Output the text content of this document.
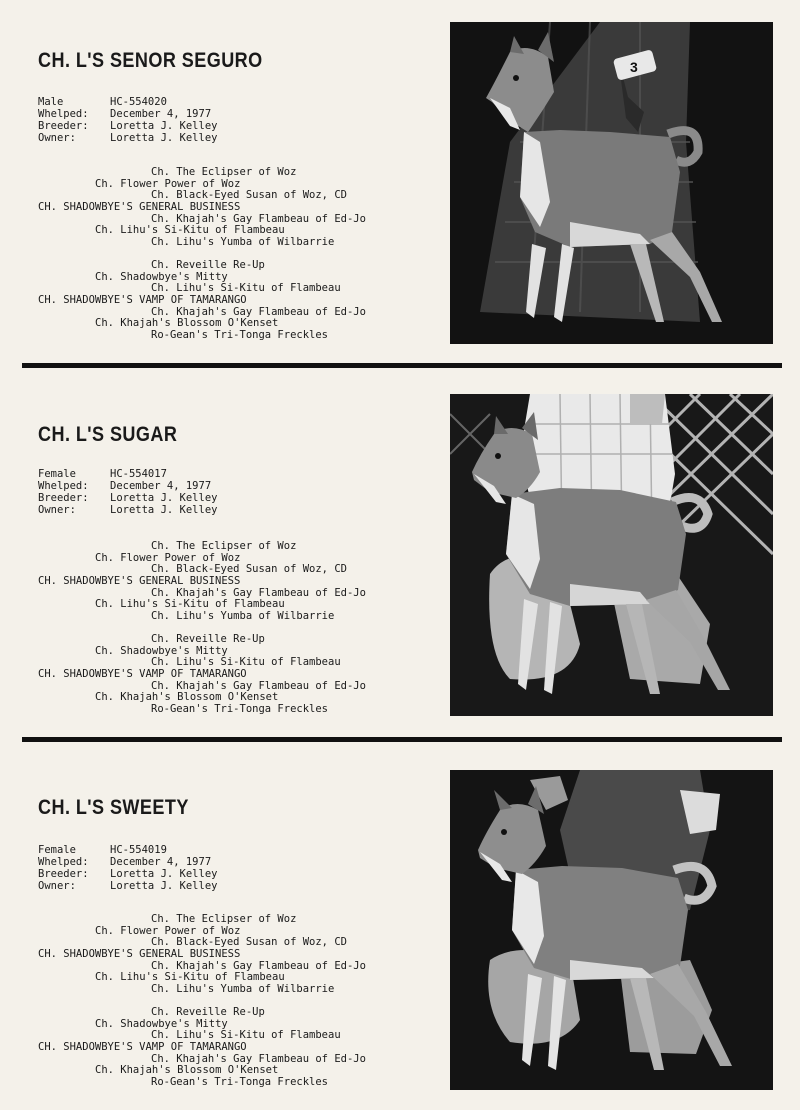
CH. L'S SENOR SEGURO
Male	HC-554020
Whelped: December 4, 1977
Breeder: Loretta J. Kelley
Owner:	Loretta J. Kelley
Ch. The Eclipser of Woz
Ch. Flower Power of Woz
Ch. Black-Eyed Susan of Woz, CD
CH. SHADOWBYE'S GENERAL BUSINESS
Ch. Khajah's Gay Flambeau of Ed-Jo
Ch. Lihu's Si-Kitu of Flambeau
Ch. Lihu's Yumba of Wilbarrie
Ch. Reveille Re-Up
Ch. Shadowbye's Mitty
Ch. Lihu's Si-Kitu of Flambeau
CH. SHADOWBYE'S VAMP OF TAMARANGO
Ch. Khajah's Gay Flambeau of Ed-Jo
Ch. Khajah's Blossom O'Kenset
Ro-Gean's Tri-Tonga Freckles
3
CH. L'S SUGAR
Female	HC-554017
Whelped: December 4, 1977
Breeder: Loretta J. Kelley
Owner:	Loretta J. Kelley
Ch. The Eclipser of Woz
Ch. Flower Power of Woz
Ch. Black-Eyed Susan of Woz, CD
CH. SHADOWBYE'S GENERAL BUSINESS
Ch. Khajah's Gay Flambeau of Ed-Jo
Ch. Lihu's Si-Kitu of Flambeau
Ch. Lihu's Yumba of Wilbarrie
Ch. Reveille Re-Up
Ch. Shadowbye's Mitty
Ch. Lihu's Si-Kitu of Flambeau
CH. SHADOWBYE'S VAMP OF TAMARANGO
Ch. Khajah's Gay Flambeau of Ed-Jo
Ch. Khajah's Blossom O'Kenset
Ro-Gean's Tri-Tonga Freckles
CH. L'S SWEETY
Female	HC-554019
Whelped: December 4, 1977
Breeder: Loretta J. Kelley
Owner:	Loretta J. Kelley
Ch. The Eclipser of Woz
Ch. Flower Power of Woz
Ch. Black-Eyed Susan of Woz, CD
CH. SHADOWBYE'S GENERAL BUSINESS
Ch. Khajah's Gay Flambeau of Ed-Jo
Ch. Lihu's Si-Kitu of Flambeau
Ch. Lihu's Yumba of Wilbarrie
Ch. Reveille Re-Up
Ch. Shadowbye's Mitty
Ch. Lihu's Si-Kitu of Flambeau
CH. SHADOWBYE'S VAMP OF TAMARANGO
Ch. Khajah's Gay Flambeau of Ed-Jo
Ch. Khajah's Blossom O'Kenset
Ro-Gean's Tri-Tonga Freckles
